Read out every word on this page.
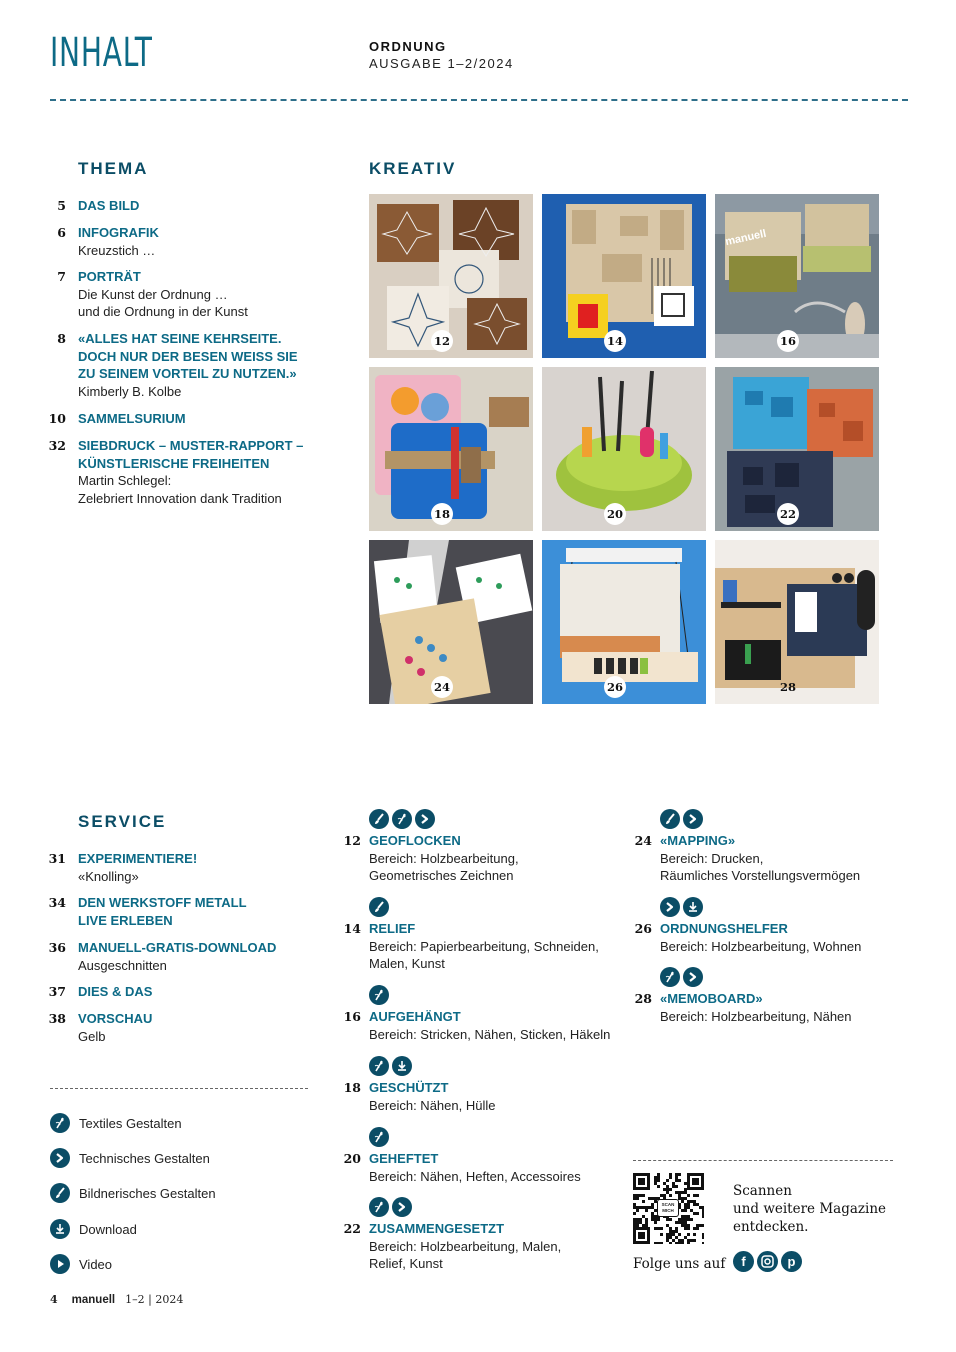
INHALT	ORDNUNG
AUSGABE 1–2/2024
THEMA
5 DAS BILD
6 INFOGRAFIK
Kreuzstich …
7 PORTRÄT
Die Kunst der Ordnung …
und die Ordnung in der Kunst
8 «ALLES HAT SEINE KEHRSEITE.
DOCH NUR DER BESEN WEISS SIE
ZU SEINEM VORTEIL ZU NUTZEN.»
Kimberly B. Kolbe
10 SAMMELSURIUM
32 SIEBDRUCK – MUSTER-RAPPORT –
KÜNSTLERISCHE FREIHEITEN
Martin Schlegel:
Zelebriert Innovation dank Tradition
KREATIV
12	14
manuell
16
18	20	22
24	26	28
SERVICE
31 EXPERIMENTIERE!
«Knolling»
34 DEN WERKSTOFF METALL
LIVE ERLEBEN
36 MANUELL-GRATIS-DOWNLOAD
Ausgeschnitten
37 DIES & DAS
38 VORSCHAU
Gelb
Textiles Gestalten
Technisches Gestalten
Bildnerisches Gestalten
Download
Video
12 GEOFLOCKEN
Bereich: Holzbearbeitung,
Geometrisches Zeichnen
14 RELIEF
Bereich: Papierbearbeitung, Schneiden,
Malen, Kunst
16 AUFGEHÄNGT
Bereich: Stricken, Nähen, Sticken, Häkeln
18 GESCHÜTZT
Bereich: Nähen, Hülle
20 GEHEFTET
Bereich: Nähen, Heften, Accessoires
22 ZUSAMMENGESETZT
Bereich: Holzbearbeitung, Malen,
Relief, Kunst
24 «MAPPING»
Bereich: Drucken,
Räumliches Vorstellungsvermögen
26 ORDNUNGSHELFER
Bereich: Holzbearbeitung, Wohnen
28 «MEMOBOARD»
Bereich: Holzbearbeitung, Nähen
SCAN MICH
Scannen
und weitere Magazine
entdecken.
Folge uns auf	f	p
4 manuell 1–2 | 2024
